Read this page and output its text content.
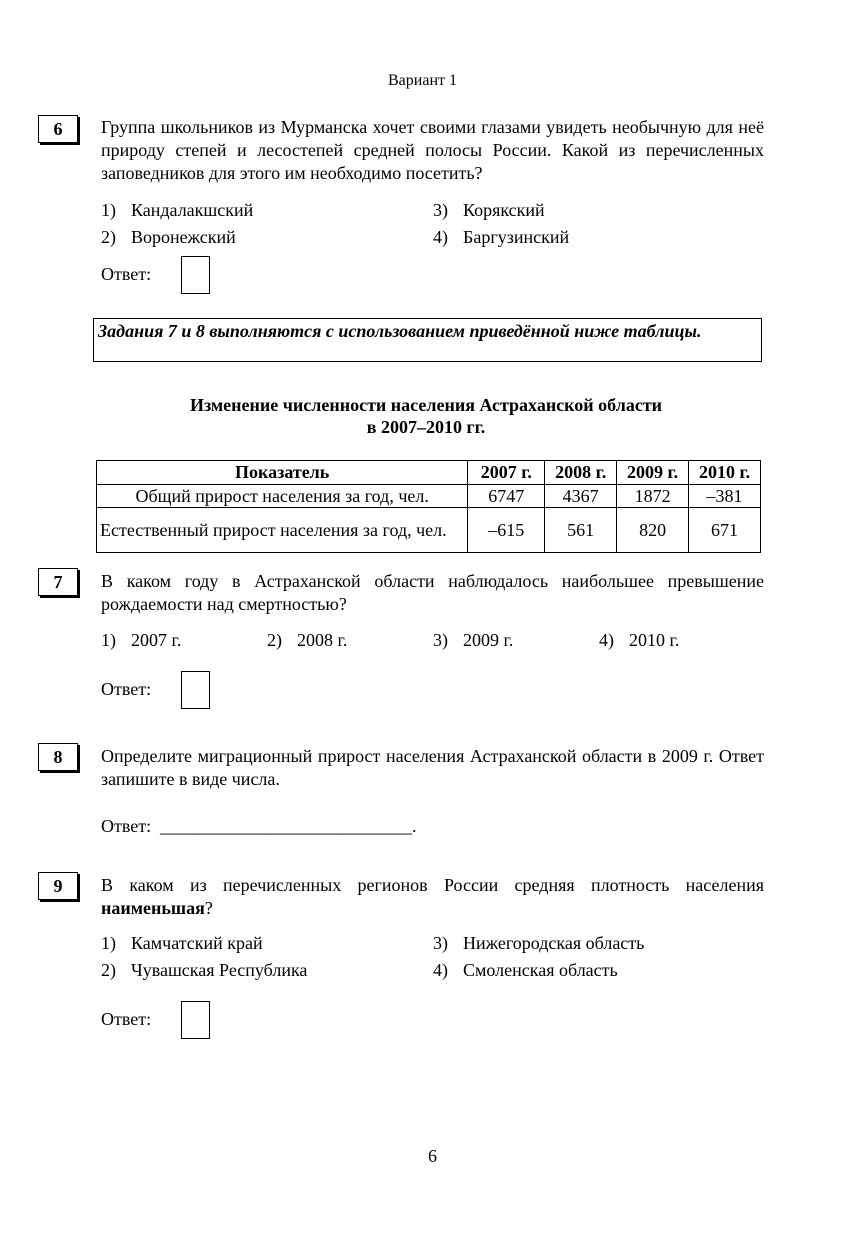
Вариант 1
6	Группа школьников из Мурманска хочет своими глазами увидеть необычную для неё природу степей и лесостепей средней полосы России. Какой из перечисленных заповедников для этого им необходимо посетить?
1) Кандалакшский
2) Воронежский
3) Корякский
4) Баргузинский
Ответ:
Задания 7 и 8 выполняются с использованием приведённой ниже таблицы.
Изменение численности населения Астраханской области
в 2007–2010 гг.
Показатель	2007 г.	2008 г.	2009 г.	2010 г.
Общий прирост населения за год, чел.	6747	4367	1872	–381
Естественный прирост населения за год, чел.	–615	561	820	671
7	В каком году в Астраханской области наблюдалось наибольшее превышение рождаемости над смертностью?
1) 2007 г.	2) 2008 г.	3) 2009 г.	4) 2010 г.
Ответ:
8	Определите миграционный прирост населения Астраханской области в 2009 г. Ответ запишите в виде числа.
Ответ: ____________________________.
9	В каком из перечисленных регионов России средняя плотность населения наименьшая?
1) Камчатский край
2) Чувашская Республика
3) Нижегородская область
4) Смоленская область
Ответ:
6
